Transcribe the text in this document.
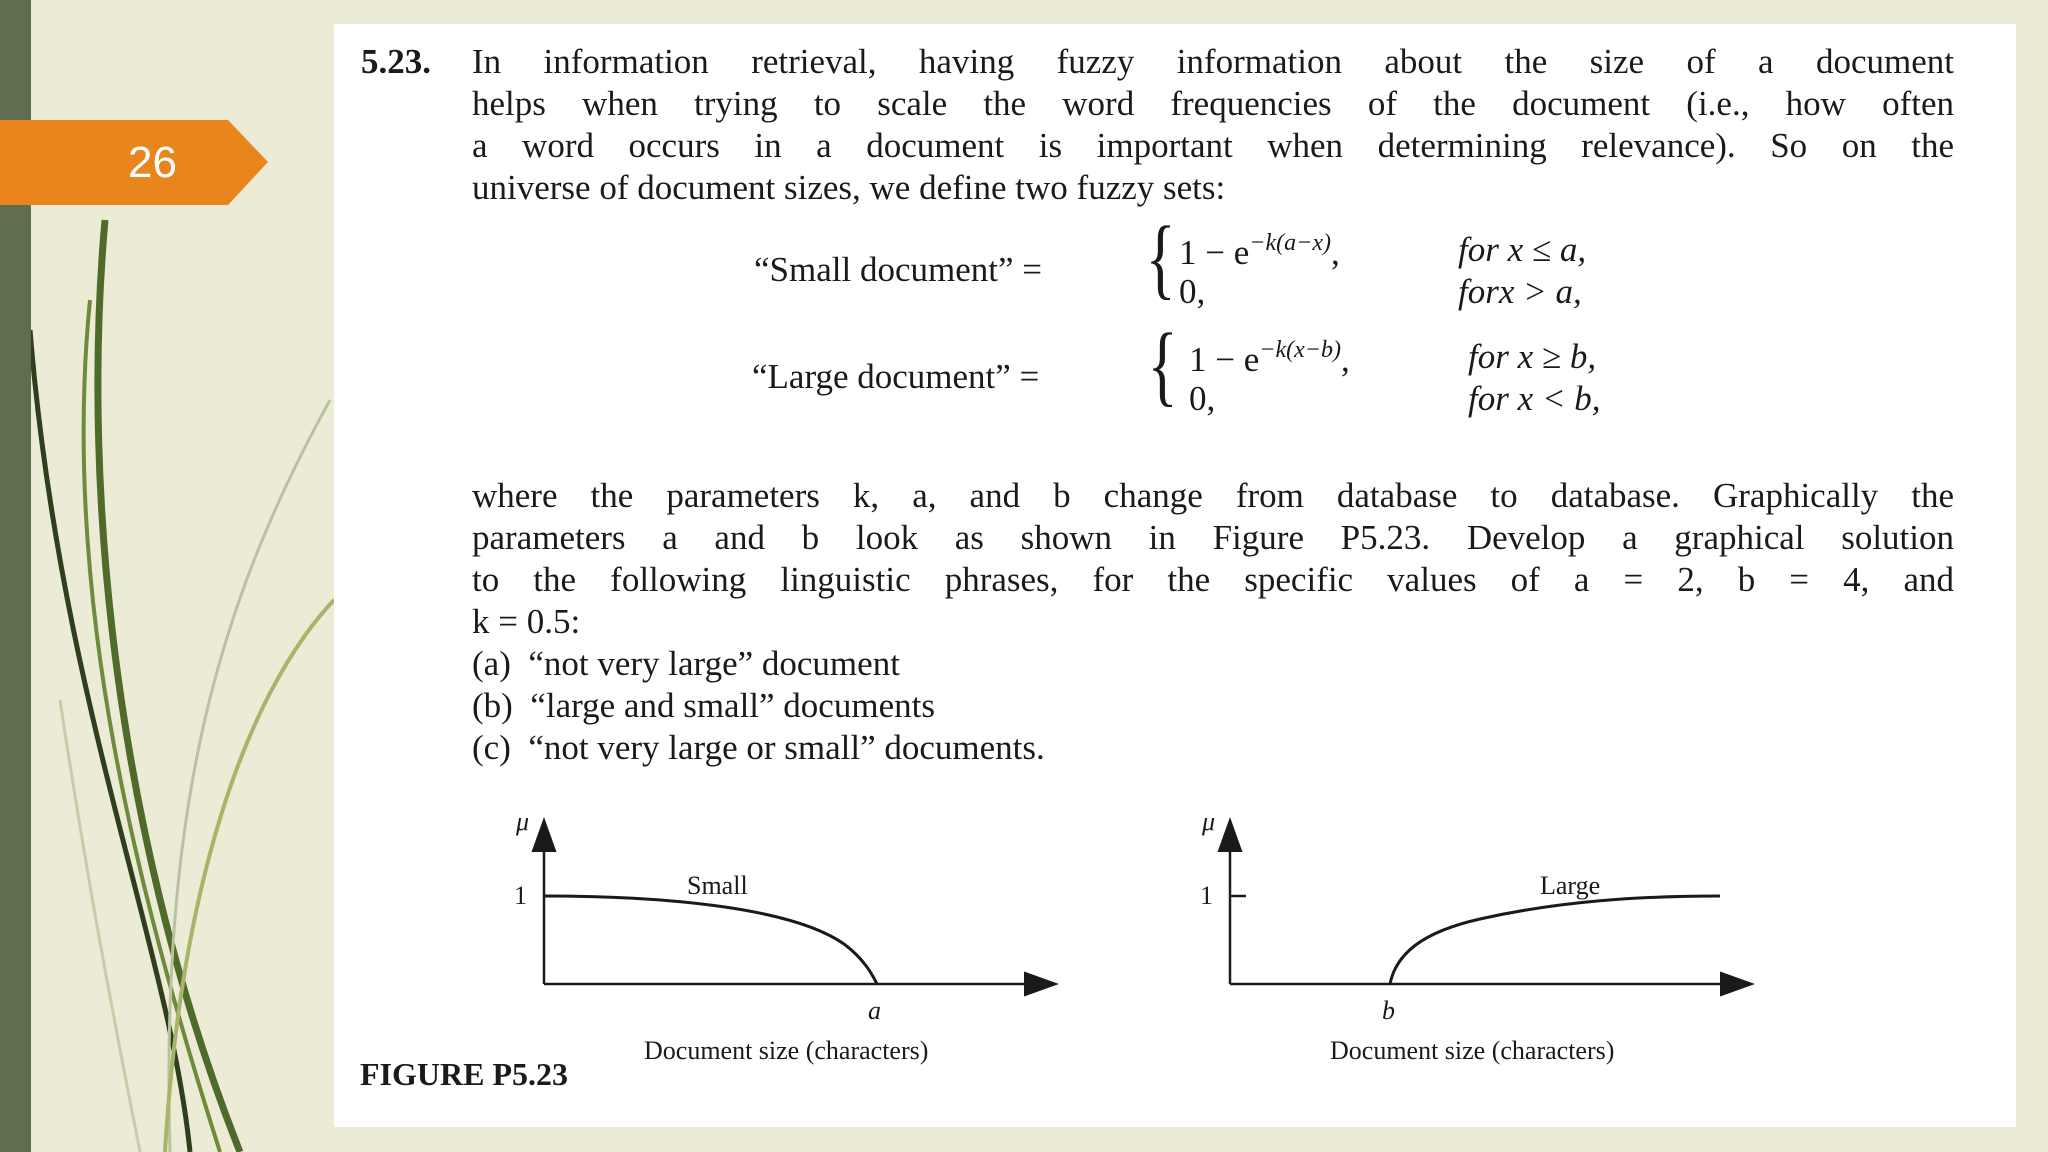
26
5.23. In information retrieval, having fuzzy information about the size of a document
helps when trying to scale the word frequencies of the document (i.e., how often
a word occurs in a document is important when determining relevance). So on the
universe of document sizes, we define two fuzzy sets:
“Small document” = { $1 - e^{-k(a-x)}$,	for x ≤ a,
0,	forx > a,
“Large document” = { $1 - e^{-k(x-b)}$,	for x ≥ b,
0,	for x < b,
where the parameters k, a, and b change from database to database. Graphically the
parameters a and b look as shown in Figure P5.23. Develop a graphical solution
to the following linguistic phrases, for the specific values of a = 2, b = 4, and
k = 0.5:
(a)  “not very large” document
(b)  “large and small” documents
(c)  “not very large or small” documents.
μ
1	Small
a
Document size (characters)
μ
1	Large
b
Document size (characters)
FIGURE P5.23
